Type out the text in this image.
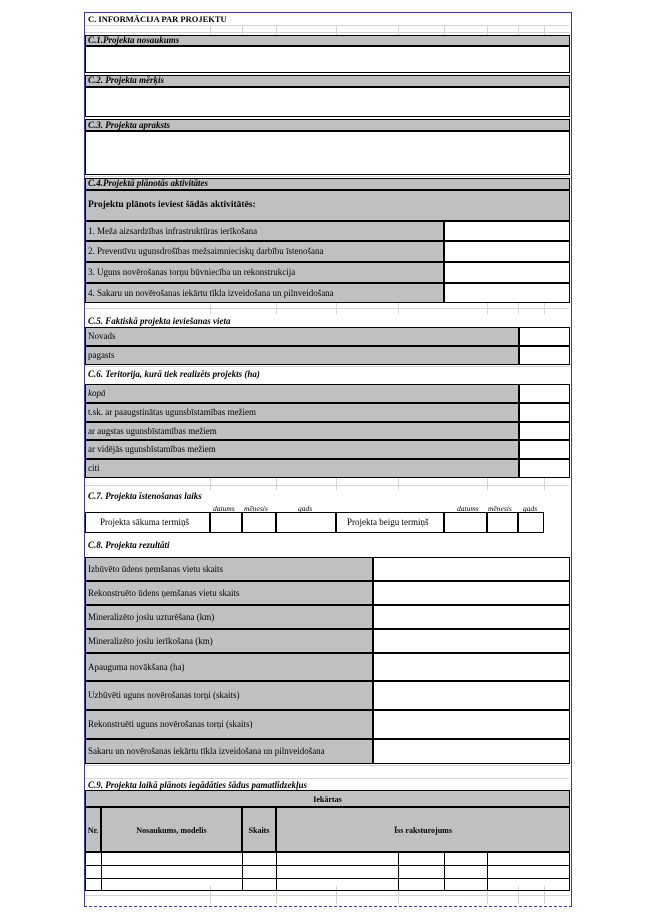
C. INFORMĀCIJA PAR PROJEKTU
C.1.Projekta nosaukums
C.2. Projekta mērķis
C.3. Projekta apraksts
C.4.Projektā plānotās aktivitātes
Projektu plānots ieviest šādās aktivitātēs:
1. Meža aizsardzības infrastruktūras ierīkošana
2. Preventīvu ugunsdrošības mežsaimnieciskų darbību īstenošana
3. Uguns novērošanas torņu būvniecība un rekonstrukcija
4. Sakaru un novērošanas iekārtu tīkla izveidošana un pilnveidošana
C.5. Faktiskā projekta ieviešanas vieta
Novads
pagasts
C.6. Teritorija, kurā tiek realizēts projekts (ha)
kopā
t.sk. ar paaugstinātas ugunsbīstamības mežiem
ar augstas ugunsbīstamības mežiem
ar vidējās ugunsbīstamības mežiem
citi
C.7. Projekta īstenošanas laiks
datums mēnesis	gads	datums mēnesis gads
Projekta sākuma termiņš	Projekta beigu termiņš
C.8. Projekta rezultāti
Izbūvēto ūdens ņemšanas vietu skaits
Rekonstruēto ūdens ņemšanas vietu skaits
Mineralizēto joslu uzturēšana (km)
Mineralizēto joslu ierīkošana (km)
Apauguma novākšana (ha)
Uzbūvēti uguns novērošanas torņi (skaits)
Rekonstruēti uguns novērošanas torņi (skaits)
Sakaru un novērošanas iekārtu tīkla izveidošana un pilnveidošana
C.9. Projekta laikā plānots iegādāties šādus pamatlīdzekļus
Iekārtas
Nr.	Nosaukums, modelis	Skaits	Īss raksturojums
